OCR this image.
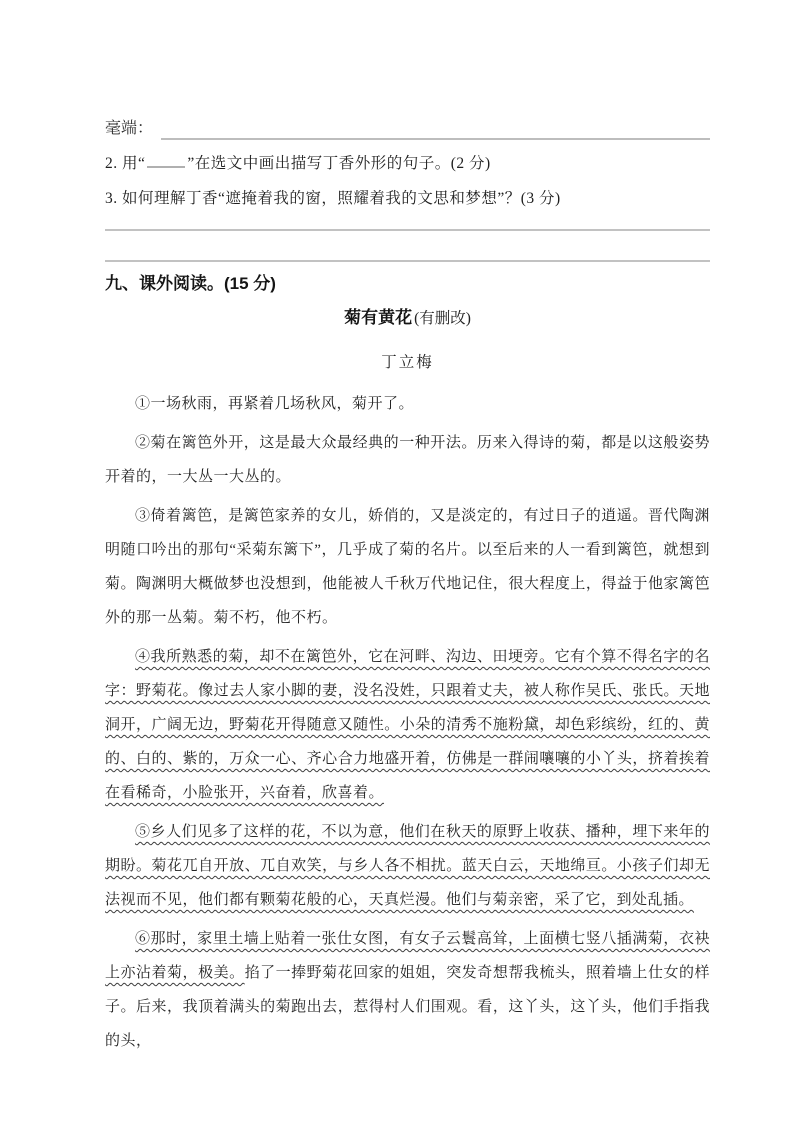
毫端：
2. 用“	”在选文中画出描写丁香外形的句子。(2 分)
3. 如何理解丁香“遮掩着我的窗，照耀着我的文思和梦想”？(3 分)
九、课外阅读。(15 分)
菊有黄花 (有删改)
丁立梅

①一场秋雨，再紧着几场秋风，菊开了。

②菊在篱笆外开，这是最大众最经典的一种开法。历来入得诗的菊，都是以这般姿势开着的，一大丛一大丛的。

③倚着篱笆，是篱笆家养的女儿，娇俏的，又是淡定的，有过日子的逍遥。晋代陶渊明随口吟出的那句“采菊东篱下”，几乎成了菊的名片。以至后来的人一看到篱笆，就想到菊。陶渊明大概做梦也没想到，他能被人千秋万代地记住，很大程度上，得益于他家篱笆外的那一丛菊。菊不朽，他不朽。

④我所熟悉的菊，却不在篱笆外，它在河畔、沟边、田埂旁。它有个算不得名字的名字：野菊花。像过去人家小脚的妻，没名没姓，只跟着丈夫，被人称作吴氏、张氏。天地洞开，广阔无边，野菊花开得随意又随性。小朵的清秀不施粉黛，却色彩缤纷，红的、黄的、白的、紫的，万众一心、齐心合力地盛开着，仿佛是一群闹嚷嚷的小丫头，挤着挨着在看稀奇，小脸张开，兴奋着，欣喜着。

⑤乡人们见多了这样的花，不以为意，他们在秋天的原野上收获、播种，埋下来年的期盼。菊花兀自开放、兀自欢笑，与乡人各不相扰。蓝天白云，天地绵亘。小孩子们却无法视而不见，他们都有颗菊花般的心，天真烂漫。他们与菊亲密，采了它，到处乱插。

⑥那时，家里土墙上贴着一张仕女图，有女子云鬟高耸，上面横七竖八插满菊，衣袂上亦沾着菊，极美。掐了一捧野菊花回家的姐姐，突发奇想帮我梳头，照着墙上仕女的样子。后来，我顶着满头的菊跑出去，惹得村人们围观。看，这丫头，这丫头，他们手指我的头，
